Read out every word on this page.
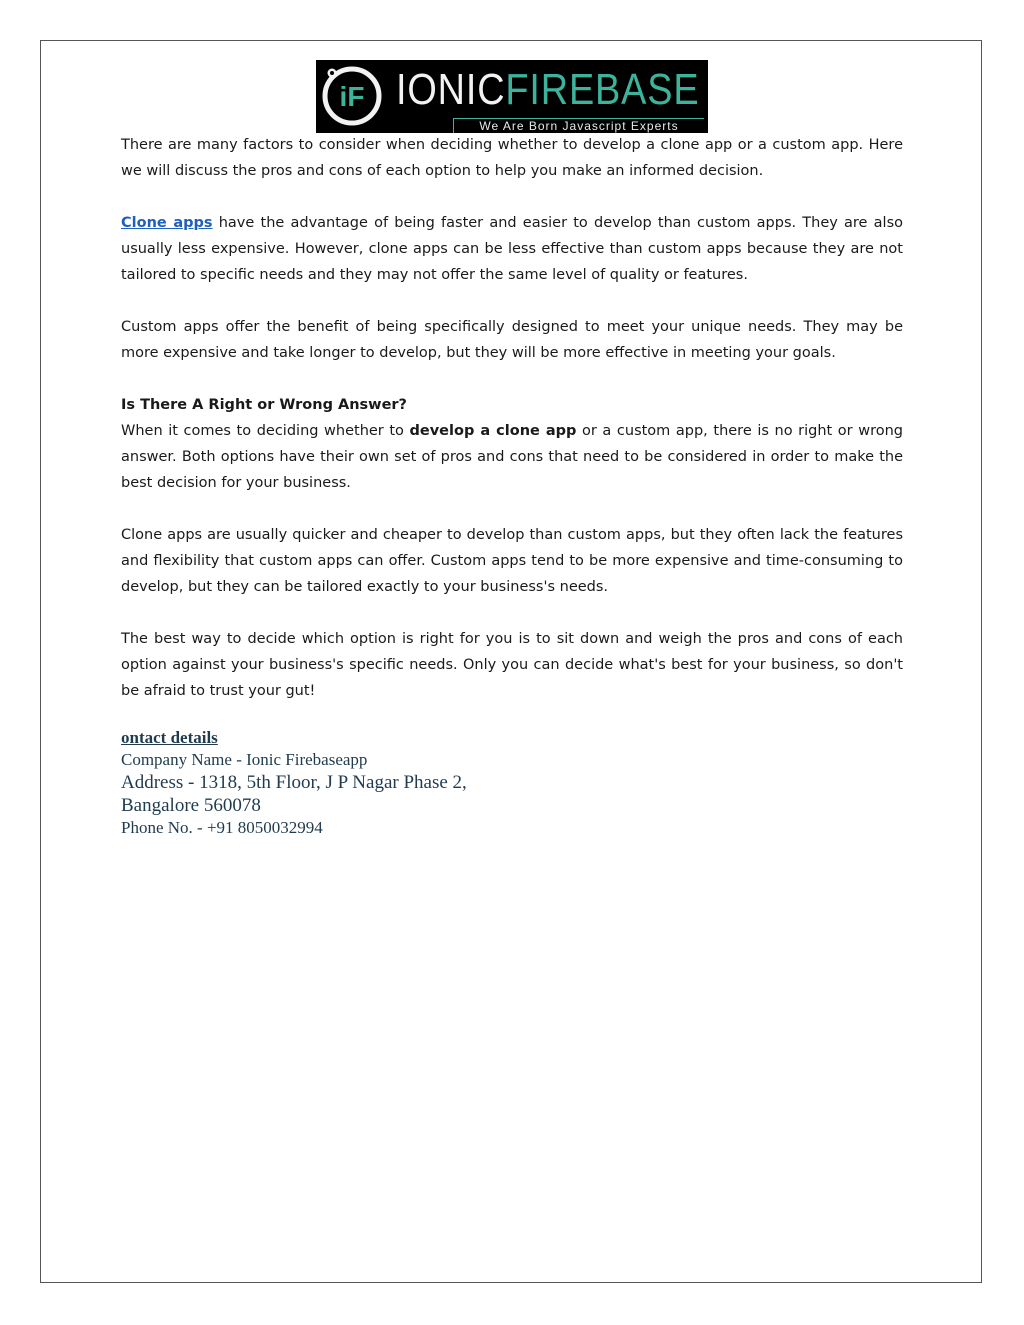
iF IONICFIREBASE
We Are Born Javascript Experts

There are many factors to consider when deciding whether to develop a clone app or a custom app. Here we will discuss the pros and cons of each option to help you make an informed decision.

Clone apps have the advantage of being faster and easier to develop than custom apps. They are also usually less expensive. However, clone apps can be less effective than custom apps because they are not tailored to specific needs and they may not offer the same level of quality or features.

Custom apps offer the benefit of being specifically designed to meet your unique needs. They may be more expensive and take longer to develop, but they will be more effective in meeting your goals.

Is There A Right or Wrong Answer?

When it comes to deciding whether to develop a clone app or a custom app, there is no right or wrong answer. Both options have their own set of pros and cons that need to be considered in order to make the best decision for your business.

Clone apps are usually quicker and cheaper to develop than custom apps, but they often lack the features and flexibility that custom apps can offer. Custom apps tend to be more expensive and time-consuming to develop, but they can be tailored exactly to your business's needs.

The best way to decide which option is right for you is to sit down and weigh the pros and cons of each option against your business's specific needs. Only you can decide what's best for your business, so don't be afraid to trust your gut!

ontact details
Company Name - Ionic Firebaseapp
Address - 1318, 5th Floor, J P Nagar Phase 2,
Bangalore 560078
Phone No. - +91 8050032994
